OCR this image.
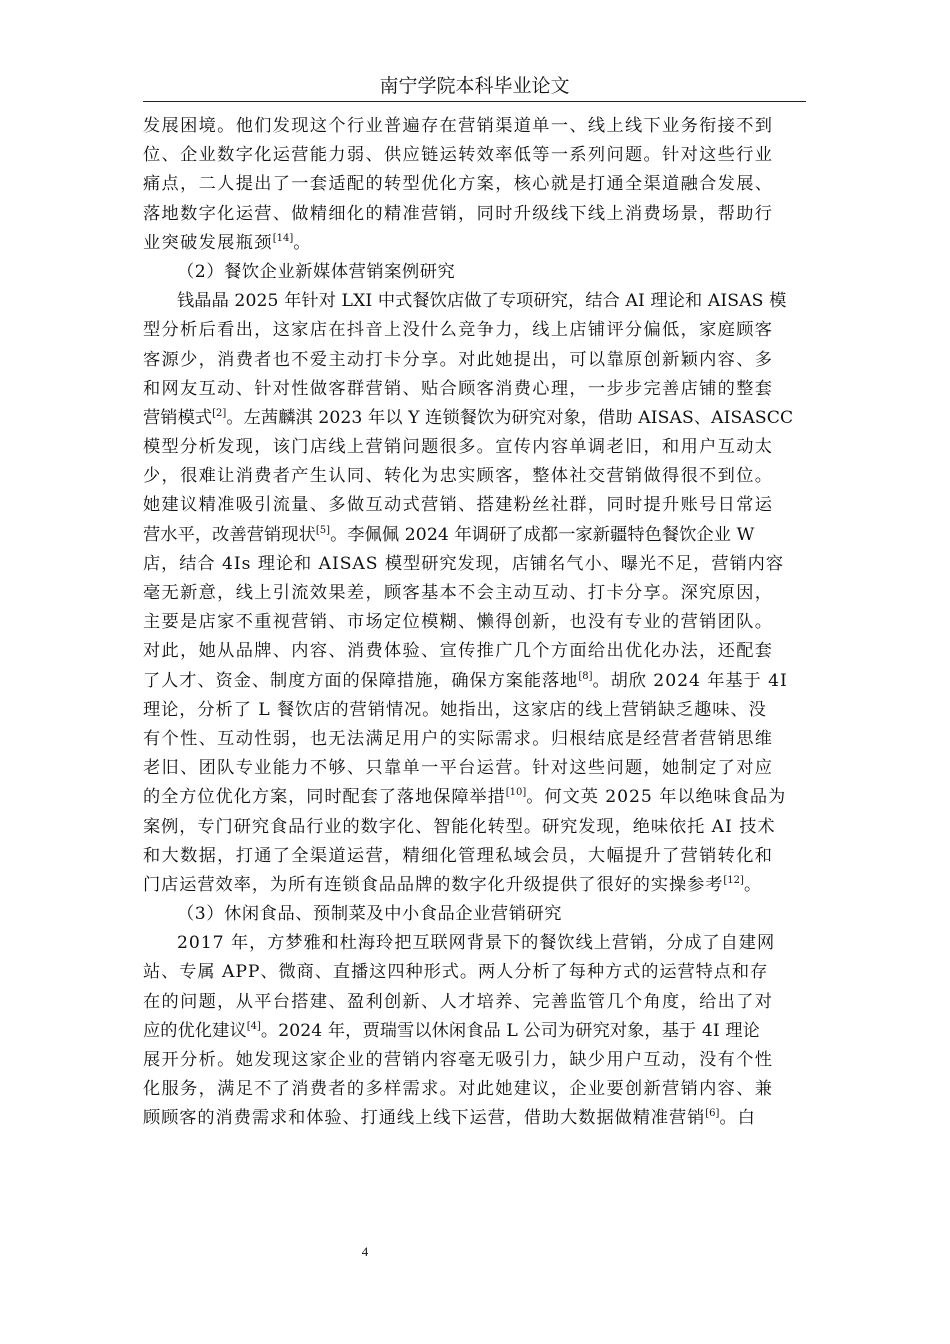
南宁学院本科毕业论文
发展困境。他们发现这个行业普遍存在营销渠道单一、线上线下业务衔接不到
位、企业数字化运营能力弱、供应链运转效率低等一系列问题。针对这些行业
痛点，二人提出了一套适配的转型优化方案，核心就是打通全渠道融合发展、
落地数字化运营、做精细化的精准营销，同时升级线下线上消费场景，帮助行
业突破发展瓶颈[14]。
（2）餐饮企业新媒体营销案例研究
钱晶晶 2025 年针对 LXI 中式餐饮店做了专项研究，结合 AI 理论和 AISAS 模
型分析后看出，这家店在抖音上没什么竞争力，线上店铺评分偏低，家庭顾客
客源少，消费者也不爱主动打卡分享。对此她提出，可以靠原创新颖内容、多
和网友互动、针对性做客群营销、贴合顾客消费心理，一步步完善店铺的整套
营销模式[2]。左茜麟淇 2023 年以 Y 连锁餐饮为研究对象，借助 AISAS、AISASCC
模型分析发现，该门店线上营销问题很多。宣传内容单调老旧，和用户互动太
少，很难让消费者产生认同、转化为忠实顾客，整体社交营销做得很不到位。
她建议精准吸引流量、多做互动式营销、搭建粉丝社群，同时提升账号日常运
营水平，改善营销现状[5]。李佩佩 2024 年调研了成都一家新疆特色餐饮企业 W
店，结合 4Is 理论和 AISAS 模型研究发现，店铺名气小、曝光不足，营销内容
毫无新意，线上引流效果差，顾客基本不会主动互动、打卡分享。深究原因，
主要是店家不重视营销、市场定位模糊、懒得创新，也没有专业的营销团队。
对此，她从品牌、内容、消费体验、宣传推广几个方面给出优化办法，还配套
了人才、资金、制度方面的保障措施，确保方案能落地[8]。胡欣 2024 年基于 4I
理论，分析了 L 餐饮店的营销情况。她指出，这家店的线上营销缺乏趣味、没
有个性、互动性弱，也无法满足用户的实际需求。归根结底是经营者营销思维
老旧、团队专业能力不够、只靠单一平台运营。针对这些问题，她制定了对应
的全方位优化方案，同时配套了落地保障举措[10]。何文英 2025 年以绝味食品为
案例，专门研究食品行业的数字化、智能化转型。研究发现，绝味依托 AI 技术
和大数据，打通了全渠道运营，精细化管理私域会员，大幅提升了营销转化和
门店运营效率，为所有连锁食品品牌的数字化升级提供了很好的实操参考[12]。
（3）休闲食品、预制菜及中小食品企业营销研究
2017 年，方梦雅和杜海玲把互联网背景下的餐饮线上营销，分成了自建网
站、专属 APP、微商、直播这四种形式。两人分析了每种方式的运营特点和存
在的问题，从平台搭建、盈利创新、人才培养、完善监管几个角度，给出了对
应的优化建议[4]。2024 年，贾瑞雪以休闲食品 L 公司为研究对象，基于 4I 理论
展开分析。她发现这家企业的营销内容毫无吸引力，缺少用户互动，没有个性
化服务，满足不了消费者的多样需求。对此她建议，企业要创新营销内容、兼
顾顾客的消费需求和体验、打通线上线下运营，借助大数据做精准营销[6]。白
4
